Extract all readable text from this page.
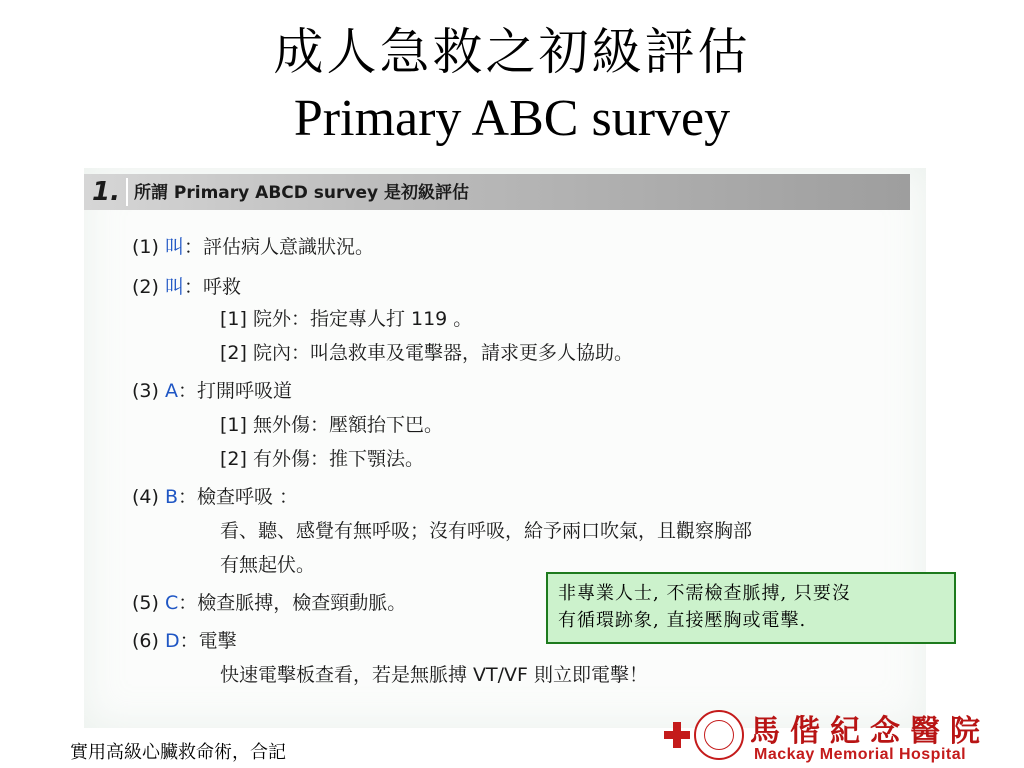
成人急救之初級評估
Primary ABC survey
1. 所謂 Primary ABCD survey 是初級評估
(1) 叫：評估病人意識狀況。
(2) 叫：呼救
[1] 院外：指定專人打 119 。
[2] 院內：叫急救車及電擊器，請求更多人協助。
(3) A：打開呼吸道
[1] 無外傷：壓額抬下巴。
[2] 有外傷：推下顎法。
(4) B：檢查呼吸 ：
看、聽、感覺有無呼吸；沒有呼吸，給予兩口吹氣，且觀察胸部
有無起伏。
(5) C：檢查脈搏，檢查頸動脈。
(6) D：電擊
快速電擊板查看，若是無脈搏 VT/VF 則立即電擊！
非專業人士, 不需檢查脈搏, 只要沒
有循環跡象, 直接壓胸或電擊.
實用高級心臟救命術，合記
馬偕紀念醫院
Mackay Memorial Hospital
